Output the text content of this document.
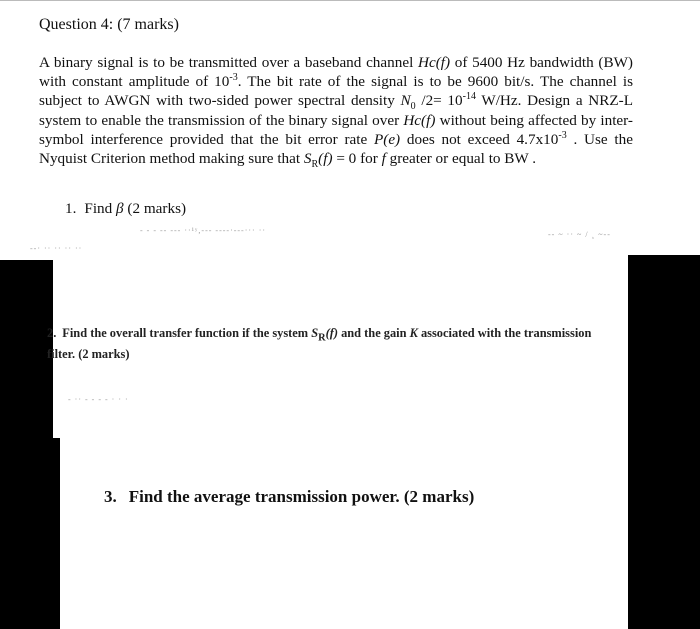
Question 4: (7 marks)
A binary signal is to be transmitted over a baseband channel Hc(f) of 5400 Hz bandwidth (BW) with constant amplitude of $10^{-3}$. The bit rate of the signal is to be 9600 bit/s. The channel is subject to AWGN with two-sided power spectral density $N_0$ $/2= 10^{-14}$ W/Hz. Design a NRZ-L system to enable the transmission of the binary signal over Hc(f) without being affected by inter-symbol interference provided that the bit error rate P(e) does not exceed $4.7x10^{-3}$ . Use the Nyquist Criterion method making sure that $S_R(f) = 0$ for f greater or equal to BW .
1. Find β (2 marks)
- - - -- --- ··¹ʸ,--- ----·---··· ··	-- ~ ·· ~ / ¸ ~--
--· ·· ·· ·· ··
- ·· - - - - · · ·
2. Find the overall transfer function if the system $S_R(f)$ and the gain K associated with the transmission filter. (2 marks)
3. Find the average transmission power. (2 marks)
